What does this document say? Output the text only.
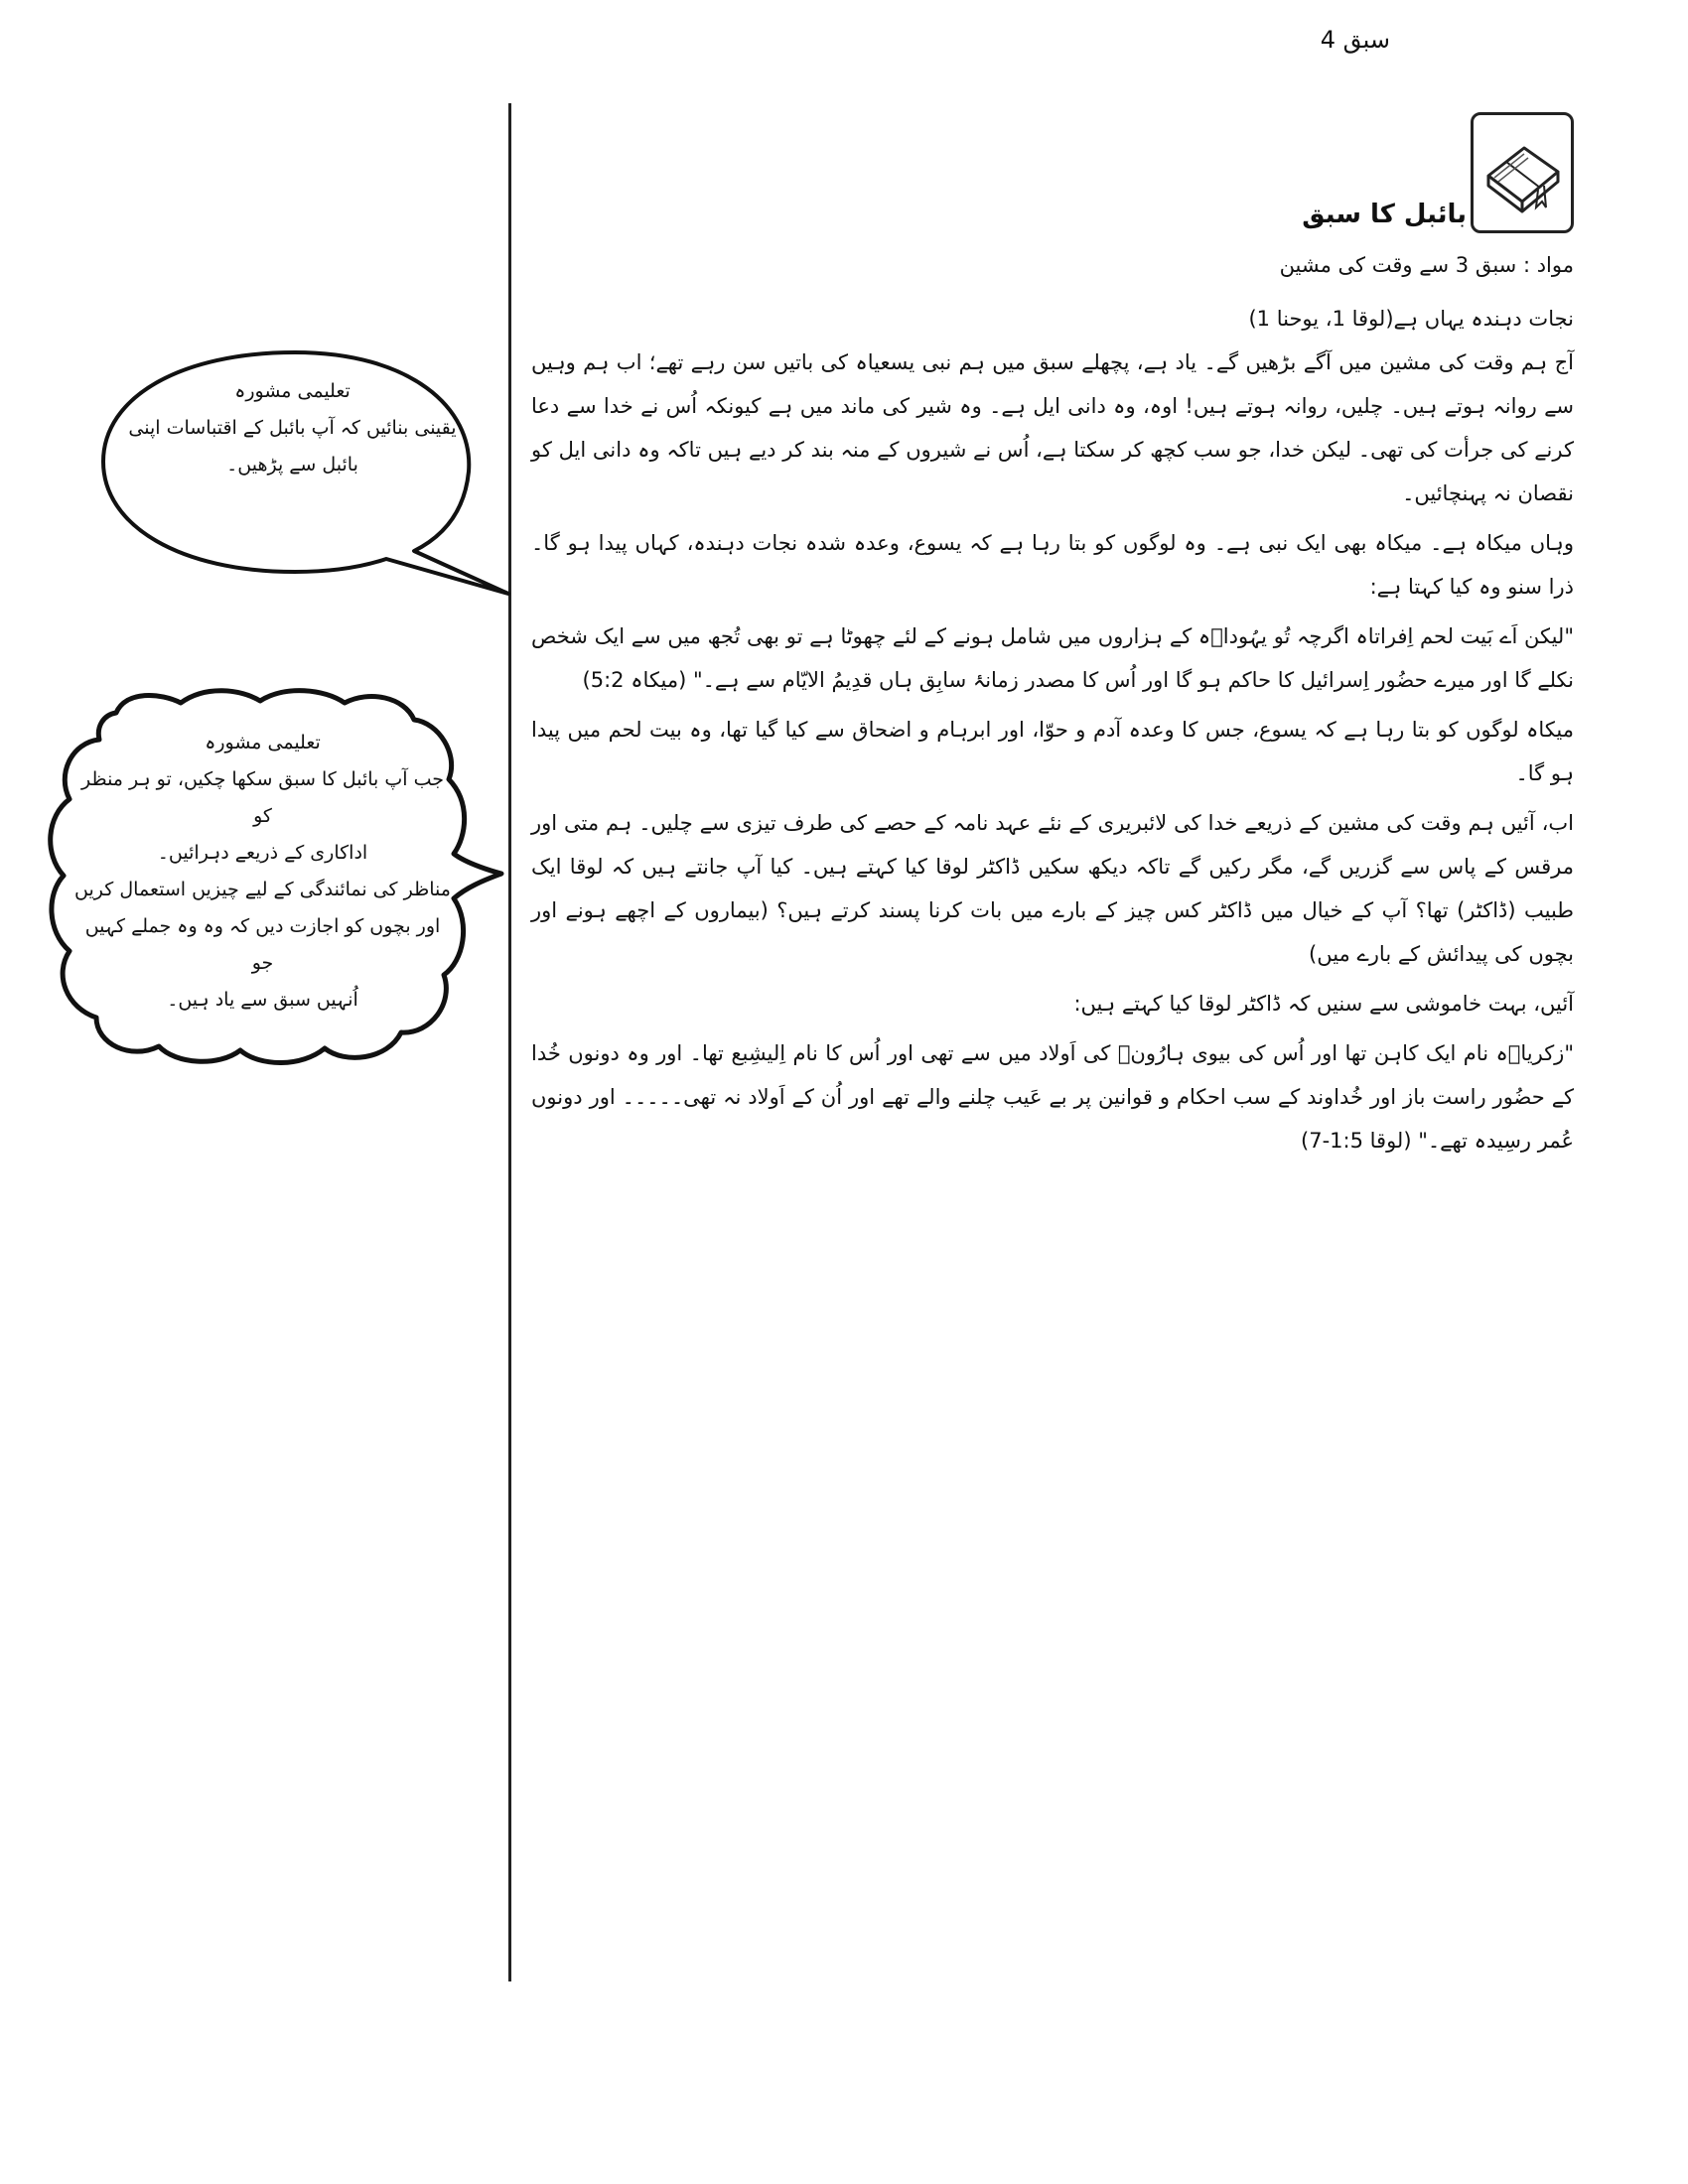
سبق 4
تعلیمی مشورہ
یقینی بنائیں کہ آپ بائبل کے اقتباسات اپنی
بائبل سے پڑھیں۔
تعلیمی مشورہ
جب آپ بائبل کا سبق سکھا چکیں، تو ہر منظر کو
اداکاری کے ذریعے دہرائیں۔
مناظر کی نمائندگی کے لیے چیزیں استعمال کریں
اور بچوں کو اجازت دیں کہ وہ وہ جملے کہیں جو
اُنہیں سبق سے یاد ہیں۔
بائبل کا سبق
مواد : سبق 3 سے وقت کی مشین
نجات دہندہ یہاں ہے(لوقا 1، یوحنا 1)
آج ہم وقت کی مشین میں آگے بڑھیں گے۔ یاد ہے، پچھلے سبق میں ہم نبی یسعیاہ کی باتیں سن رہے تھے؛ اب ہم وہیں سے روانہ ہوتے ہیں۔ چلیں، روانہ ہوتے ہیں! اوہ، وہ دانی ایل ہے۔ وہ شیر کی ماند میں ہے کیونکہ اُس نے خدا سے دعا کرنے کی جرأت کی تھی۔ لیکن خدا، جو سب کچھ کر سکتا ہے، اُس نے شیروں کے منہ بند کر دیے ہیں تاکہ وہ دانی ایل کو نقصان نہ پہنچائیں۔
وہاں میکاہ ہے۔ میکاہ بھی ایک نبی ہے۔ وہ لوگوں کو بتا رہا ہے کہ یسوع، وعدہ شدہ نجات دہندہ، کہاں پیدا ہو گا۔ ذرا سنو وہ کیا کہتا ہے:
"لیکن اَے بَیت لحم اِفراتاہ اگرچہ تُو یہُوداؔہ کے ہزاروں میں شامل ہونے کے لئے چھوٹا ہے تو بھی تُجھ میں سے ایک شخص نکلے گا اور میرے حضُور اِسرائیل کا حاکم ہو گا اور اُس کا مصدر زمانۂ سابِق ہاں قدِیمُ الایّام سے ہے۔" (میکاہ 5:2)
میکاہ لوگوں کو بتا رہا ہے کہ یسوع، جس کا وعدہ آدم و حوّا، اور ابرہام و اضحاق سے کیا گیا تھا، وہ بیت لحم میں پیدا ہو گا۔
اب، آئیں ہم وقت کی مشین کے ذریعے خدا کی لائبریری کے نئے عہد نامہ کے حصے کی طرف تیزی سے چلیں۔ ہم متی اور مرقس کے پاس سے گزریں گے، مگر رکیں گے تاکہ دیکھ سکیں ڈاکٹر لوقا کیا کہتے ہیں۔ کیا آپ جانتے ہیں کہ لوقا ایک طبیب (ڈاکٹر) تھا؟ آپ کے خیال میں ڈاکٹر کس چیز کے بارے میں بات کرنا پسند کرتے ہیں؟ (بیماروں کے اچھے ہونے اور بچوں کی پیدائش کے بارے میں)
آئیں، بہت خاموشی سے سنیں کہ ڈاکٹر لوقا کیا کہتے ہیں:
"زکریاؔہ نام ایک کاہن تھا اور اُس کی بیوی ہارُونؔ کی اَولاد میں سے تھی اور اُس کا نام اِلیشِبع تھا۔ اور وہ دونوں خُدا کے حضُور راست باز اور خُداوند کے سب احکام و قوانین پر بے عَیب چلنے والے تھے اور اُن کے اَولاد نہ تھی۔۔۔۔۔ اور دونوں عُمر رسِیدہ تھے۔" (لوقا 1:5-7)
